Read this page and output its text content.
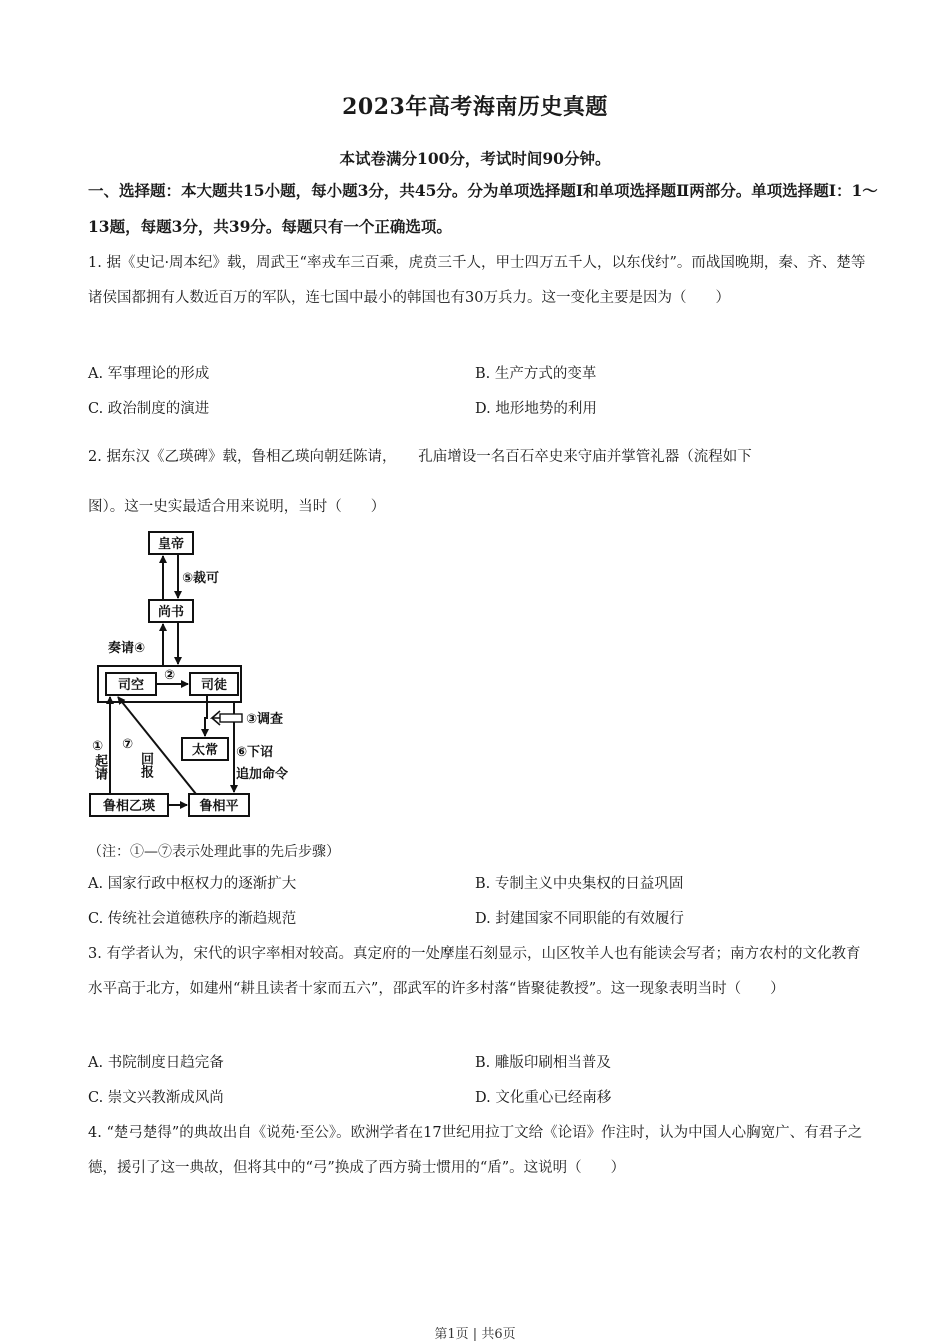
2023年高考海南历史真题
本试卷满分100分，考试时间90分钟。
一、选择题：本大题共15小题，每小题3分，共45分。分为单项选择题Ⅰ和单项选择题Ⅱ两部分。单项选择题Ⅰ：1～13题，每题3分，共39分。每题只有一个正确选项。
1. 据《史记·周本纪》载，周武王“率戎车三百乘，虎贲三千人，甲士四万五千人，以东伐纣”。而战国晚期，秦、齐、楚等诸侯国都拥有人数近百万的军队，连七国中最小的韩国也有30万兵力。这一变化主要是因为（　　）
A. 军事理论的形成	B. 生产方式的变革
C. 政治制度的演进	D. 地形地势的利用
2. 据东汉《乙瑛碑》载，鲁相乙瑛向朝廷陈请，　　孔庙增设一名百石卒史来守庙并掌管礼器（流程如下
图）。这一史实最适合用来说明，当时（　　）
皇帝
尚书
司空	司徒
太常
鲁相乙瑛	鲁相平
⑤裁可
奏请④
②
③调查
⑥下诏
追加命令
① ⑦
起请 回报
（注：①—⑦表示处理此事的先后步骤）
A. 国家行政中枢权力的逐渐扩大	B. 专制主义中央集权的日益巩固
C. 传统社会道德秩序的渐趋规范	D. 封建国家不同职能的有效履行
3. 有学者认为，宋代的识字率相对较高。真定府的一处摩崖石刻显示，山区牧羊人也有能读会写者；南方农村的文化教育水平高于北方，如建州“耕且读者十家而五六”，邵武军的许多村落“皆聚徒教授”。这一现象表明当时（　　）
A. 书院制度日趋完备	B. 雕版印刷相当普及
C. 崇文兴教渐成风尚	D. 文化重心已经南移
4. “楚弓楚得”的典故出自《说苑·至公》。欧洲学者在17世纪用拉丁文给《论语》作注时，认为中国人心胸宽广、有君子之德，援引了这一典故，但将其中的“弓”换成了西方骑士惯用的“盾”。这说明（　　）
第1页 | 共6页
